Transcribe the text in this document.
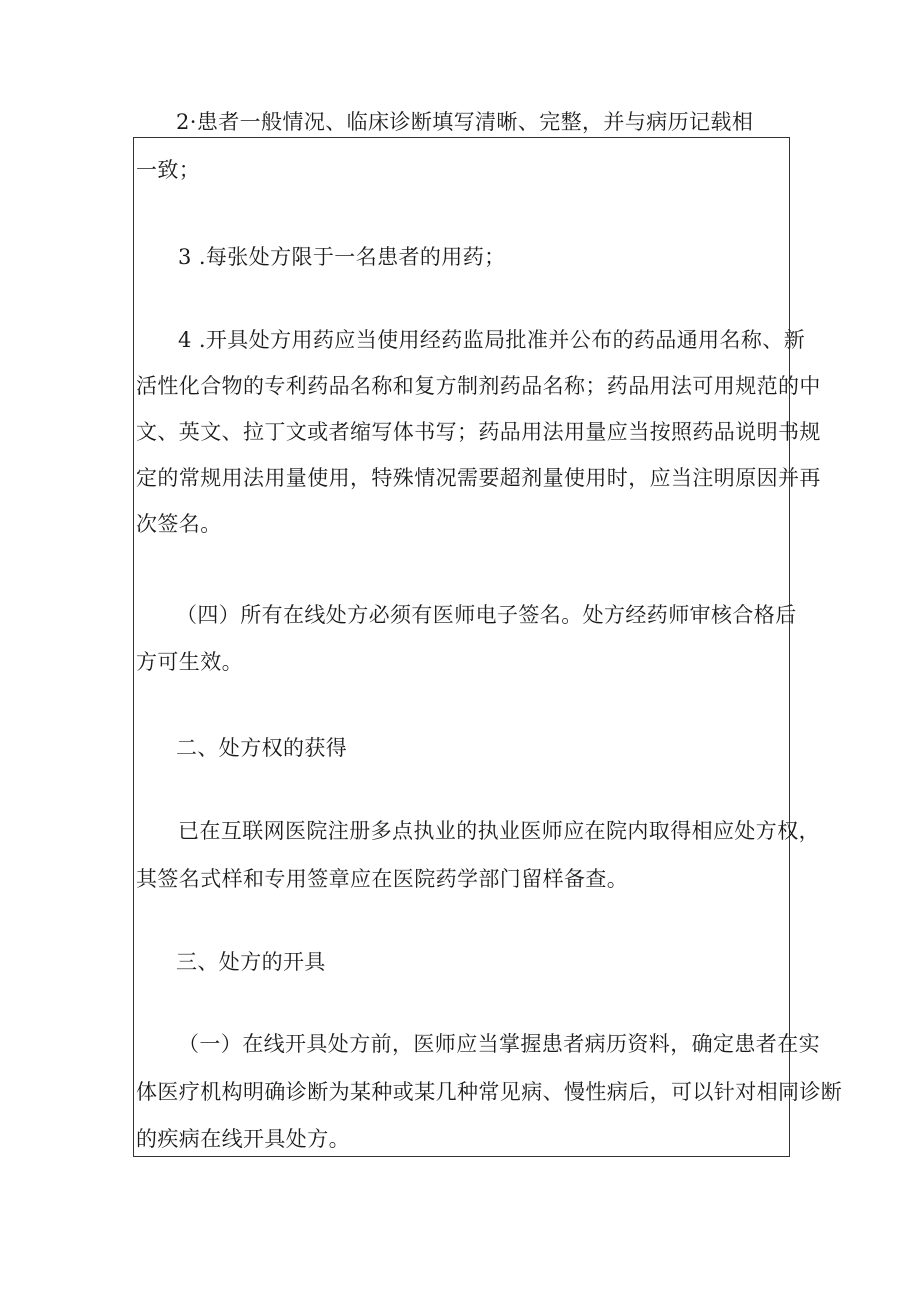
2·患者一般情况、临床诊断填写清晰、完整，并与病历记载相
一致；
3 .每张处方限于一名患者的用药；
4 .开具处方用药应当使用经药监局批准并公布的药品通用名称、新
活性化合物的专利药品名称和复方制剂药品名称；药品用法可用规范的中
文、英文、拉丁文或者缩写体书写；药品用法用量应当按照药品说明书规
定的常规用法用量使用，特殊情况需要超剂量使用时，应当注明原因并再
次签名。
（四）所有在线处方必须有医师电子签名。处方经药师审核合格后
方可生效。
二、处方权的获得
已在互联网医院注册多点执业的执业医师应在院内取得相应处方权，
其签名式样和专用签章应在医院药学部门留样备查。
三、处方的开具
（一）在线开具处方前，医师应当掌握患者病历资料，确定患者在实
体医疗机构明确诊断为某种或某几种常见病、慢性病后，可以针对相同诊断
的疾病在线开具处方。
